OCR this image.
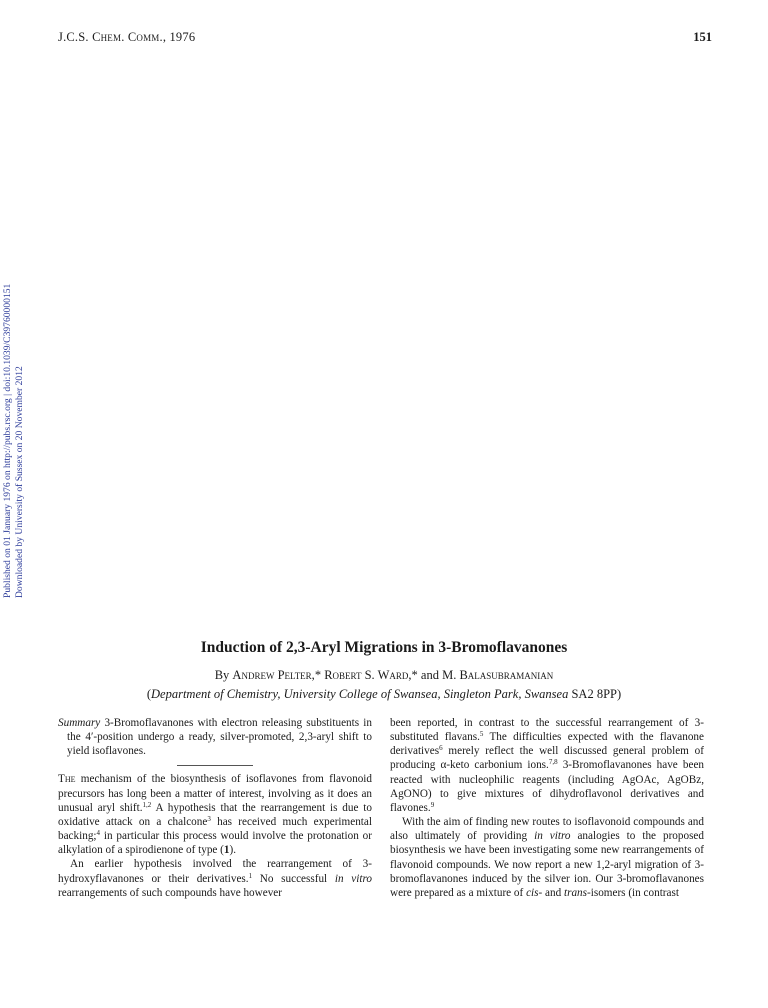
J.C.S. Chem. Comm., 1976	151
Published on 01 January 1976 on http://pubs.rsc.org | doi:10.1039/C39760000151 Downloaded by University of Sussex on 20 November 2012
Induction of 2,3-Aryl Migrations in 3-Bromoflavanones
By Andrew Pelter,* Robert S. Ward,* and M. Balasubramanian
(Department of Chemistry, University College of Swansea, Singleton Park, Swansea SA2 8PP)

Summary 3-Bromoflavanones with electron releasing substituents in the 4′-position undergo a ready, silver-promoted, 2,3-aryl shift to yield isoflavones.

The mechanism of the biosynthesis of isoflavones from flavonoid precursors has long been a matter of interest, involving as it does an unusual aryl shift.$^{1,2}$ A hypothesis that the rearrangement is due to oxidative attack on a chalcone$^3$ has received much experimental backing;$^4$ in particular this process would involve the protonation or alkylation of a spirodienone of type (1).

An earlier hypothesis involved the rearrangement of 3-hydroxyflavanones or their derivatives.$^1$ No successful in vitro rearrangements of such compounds have however

been reported, in contrast to the successful rearrangement of 3-substituted flavans.$^5$ The difficulties expected with the flavanone derivatives$^6$ merely reflect the well discussed general problem of producing α-keto carbonium ions.$^{7,8}$ 3-Bromoflavanones have been reacted with nucleophilic reagents (including AgOAc, AgOBz, AgONO) to give mixtures of dihydroflavonol derivatives and flavones.$^9$

With the aim of finding new routes to isoflavonoid compounds and also ultimately of providing in vitro analogies to the proposed biosynthesis we have been investigating some new rearrangements of flavonoid compounds. We now report a new 1,2-aryl migration of 3-bromoflavanones induced by the silver ion. Our 3-bromoflavanones were prepared as a mixture of cis- and trans-isomers (in contrast
